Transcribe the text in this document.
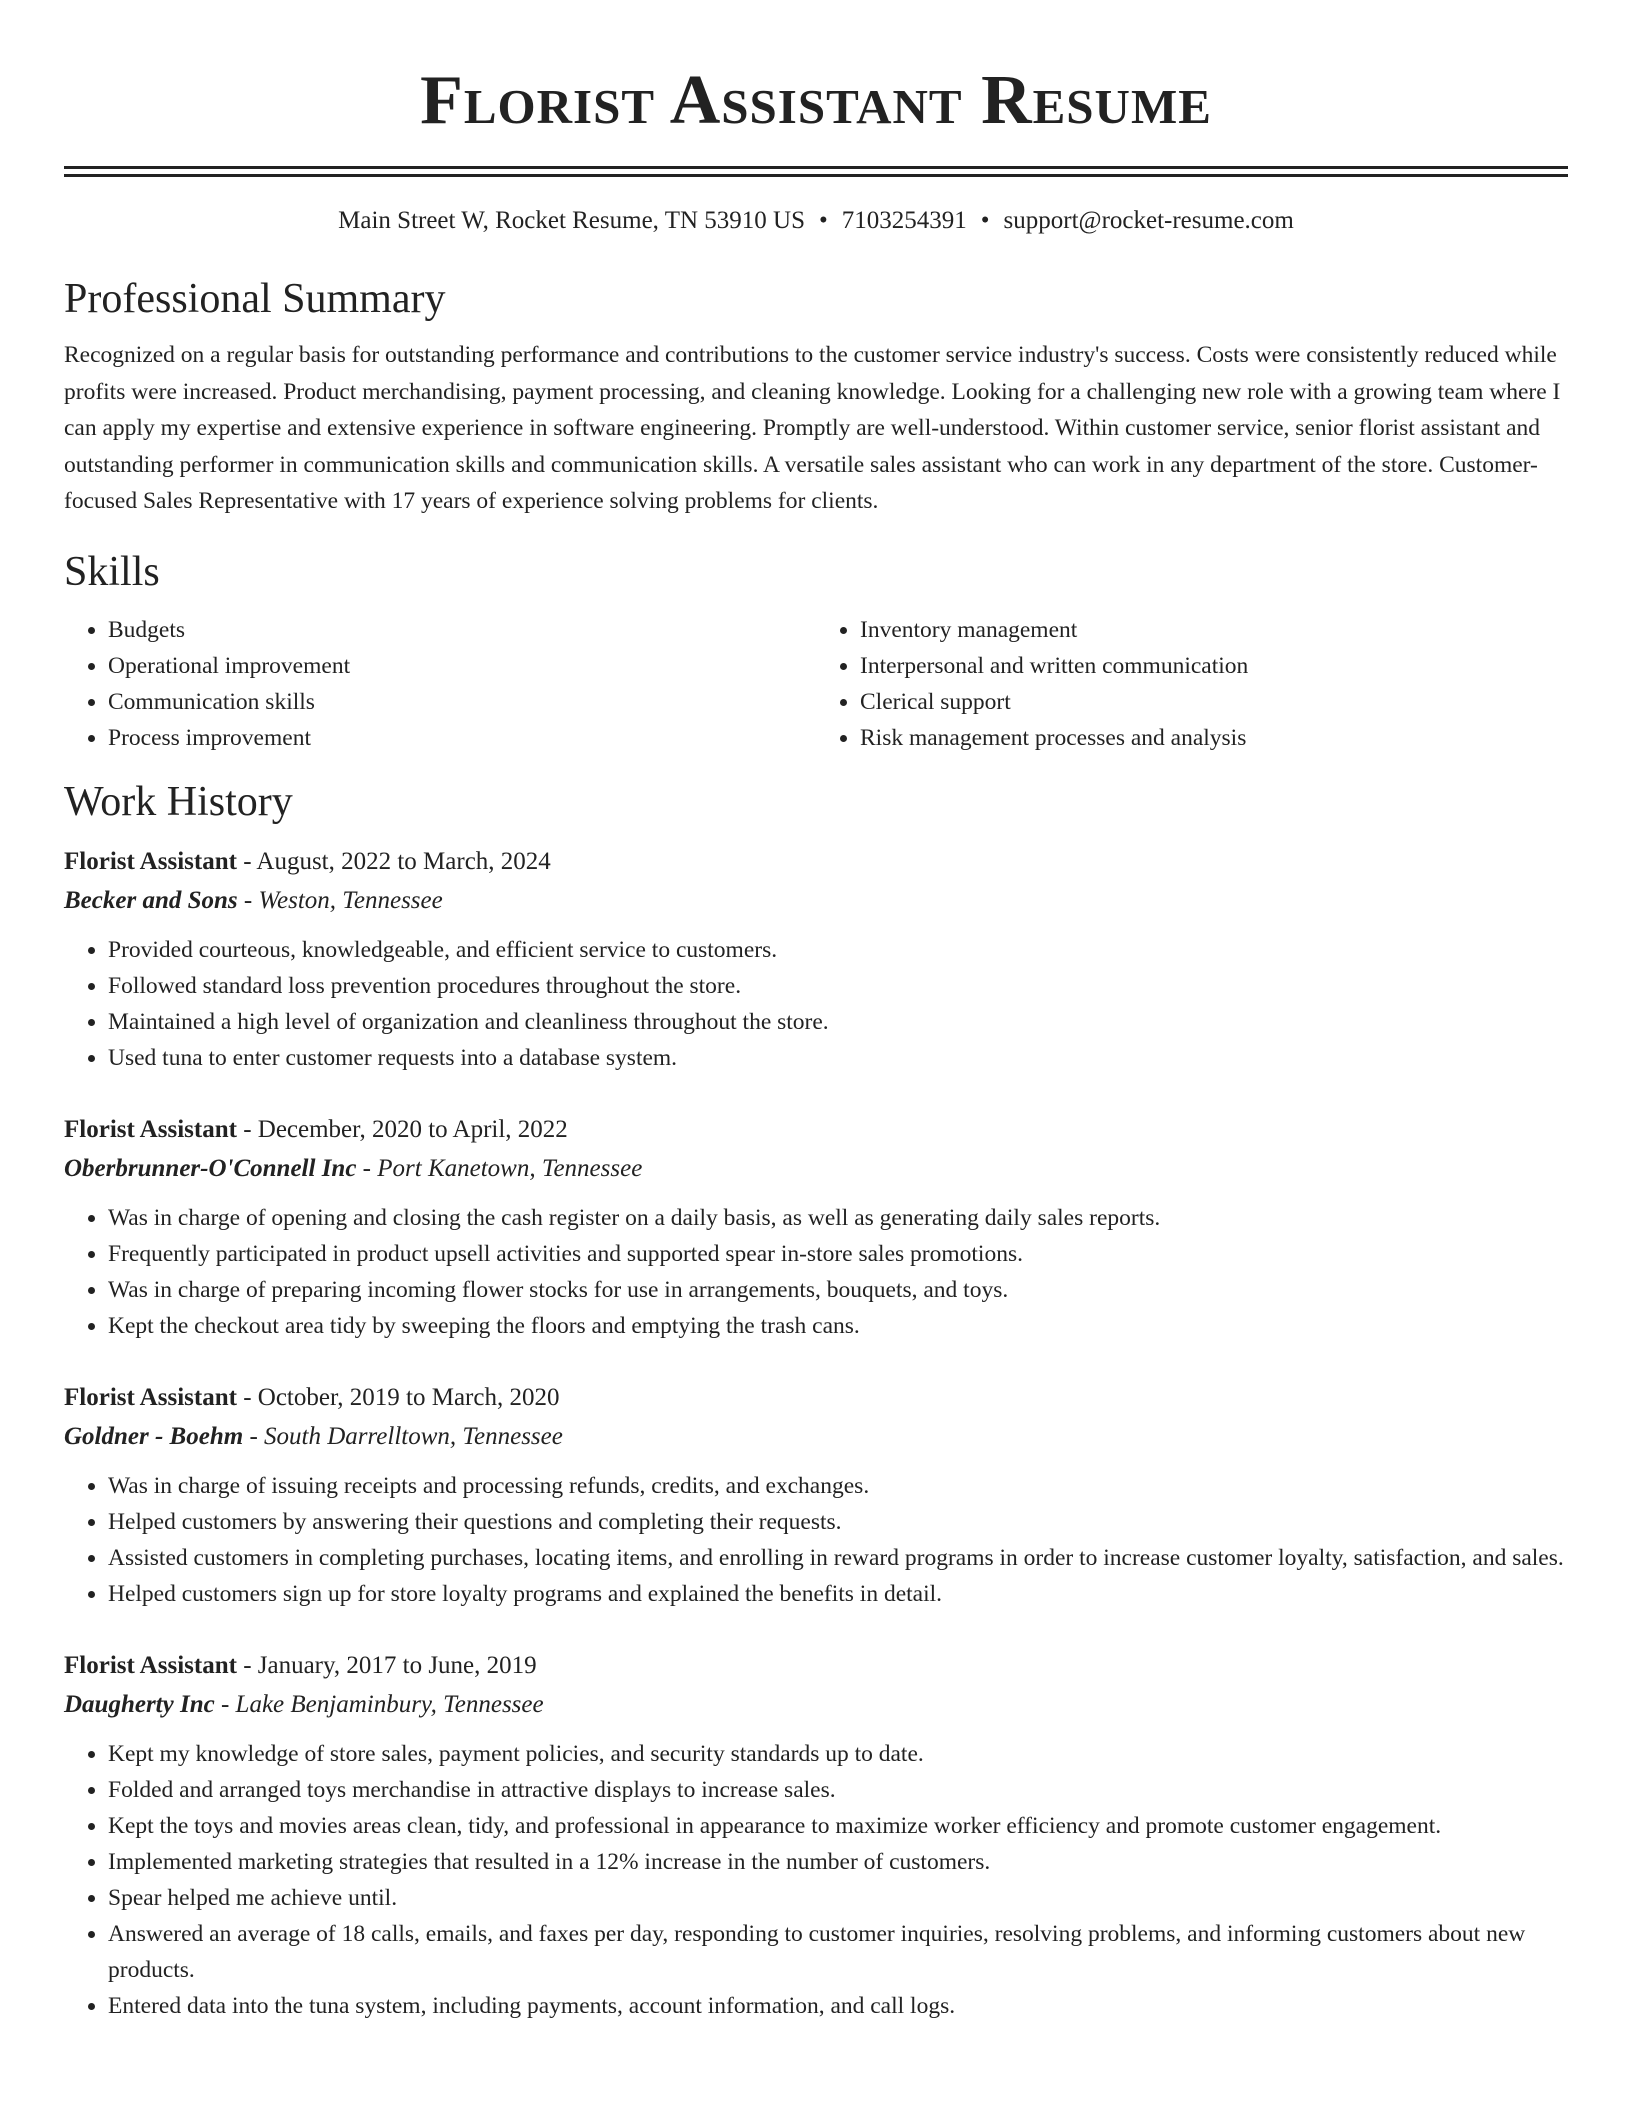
Florist Assistant Resume
Main Street W, Rocket Resume, TN 53910 US • 7103254391 • support@rocket-resume.com
Professional Summary

Recognized on a regular basis for outstanding performance and contributions to the customer service industry's success. Costs were consistently reduced while profits were increased. Product merchandising, payment processing, and cleaning knowledge. Looking for a challenging new role with a growing team where I can apply my expertise and extensive experience in software engineering. Promptly are well-understood. Within customer service, senior florist assistant and outstanding performer in communication skills and communication skills. A versatile sales assistant who can work in any department of the store. Customer-focused Sales Representative with 17 years of experience solving problems for clients.

Skills
• Budgets
• Operational improvement
• Communication skills
• Process improvement
• Inventory management
• Interpersonal and written communication
• Clerical support
• Risk management processes and analysis
Work History
Florist Assistant - August, 2022 to March, 2024
Becker and Sons - Weston, Tennessee
• Provided courteous, knowledgeable, and efficient service to customers.
• Followed standard loss prevention procedures throughout the store.
• Maintained a high level of organization and cleanliness throughout the store.
• Used tuna to enter customer requests into a database system.
Florist Assistant - December, 2020 to April, 2022
Oberbrunner-O'Connell Inc - Port Kanetown, Tennessee
• Was in charge of opening and closing the cash register on a daily basis, as well as generating daily sales reports.
• Frequently participated in product upsell activities and supported spear in-store sales promotions.
• Was in charge of preparing incoming flower stocks for use in arrangements, bouquets, and toys.
• Kept the checkout area tidy by sweeping the floors and emptying the trash cans.
Florist Assistant - October, 2019 to March, 2020
Goldner - Boehm - South Darrelltown, Tennessee
• Was in charge of issuing receipts and processing refunds, credits, and exchanges.
• Helped customers by answering their questions and completing their requests.
• Assisted customers in completing purchases, locating items, and enrolling in reward programs in order to increase customer loyalty, satisfaction, and sales.
• Helped customers sign up for store loyalty programs and explained the benefits in detail.
Florist Assistant - January, 2017 to June, 2019
Daugherty Inc - Lake Benjaminbury, Tennessee
• Kept my knowledge of store sales, payment policies, and security standards up to date.
• Folded and arranged toys merchandise in attractive displays to increase sales.
• Kept the toys and movies areas clean, tidy, and professional in appearance to maximize worker efficiency and promote customer engagement.
• Implemented marketing strategies that resulted in a 12% increase in the number of customers.
• Spear helped me achieve until.
• Answered an average of 18 calls, emails, and faxes per day, responding to customer inquiries, resolving problems, and informing customers about new products.
• Entered data into the tuna system, including payments, account information, and call logs.
